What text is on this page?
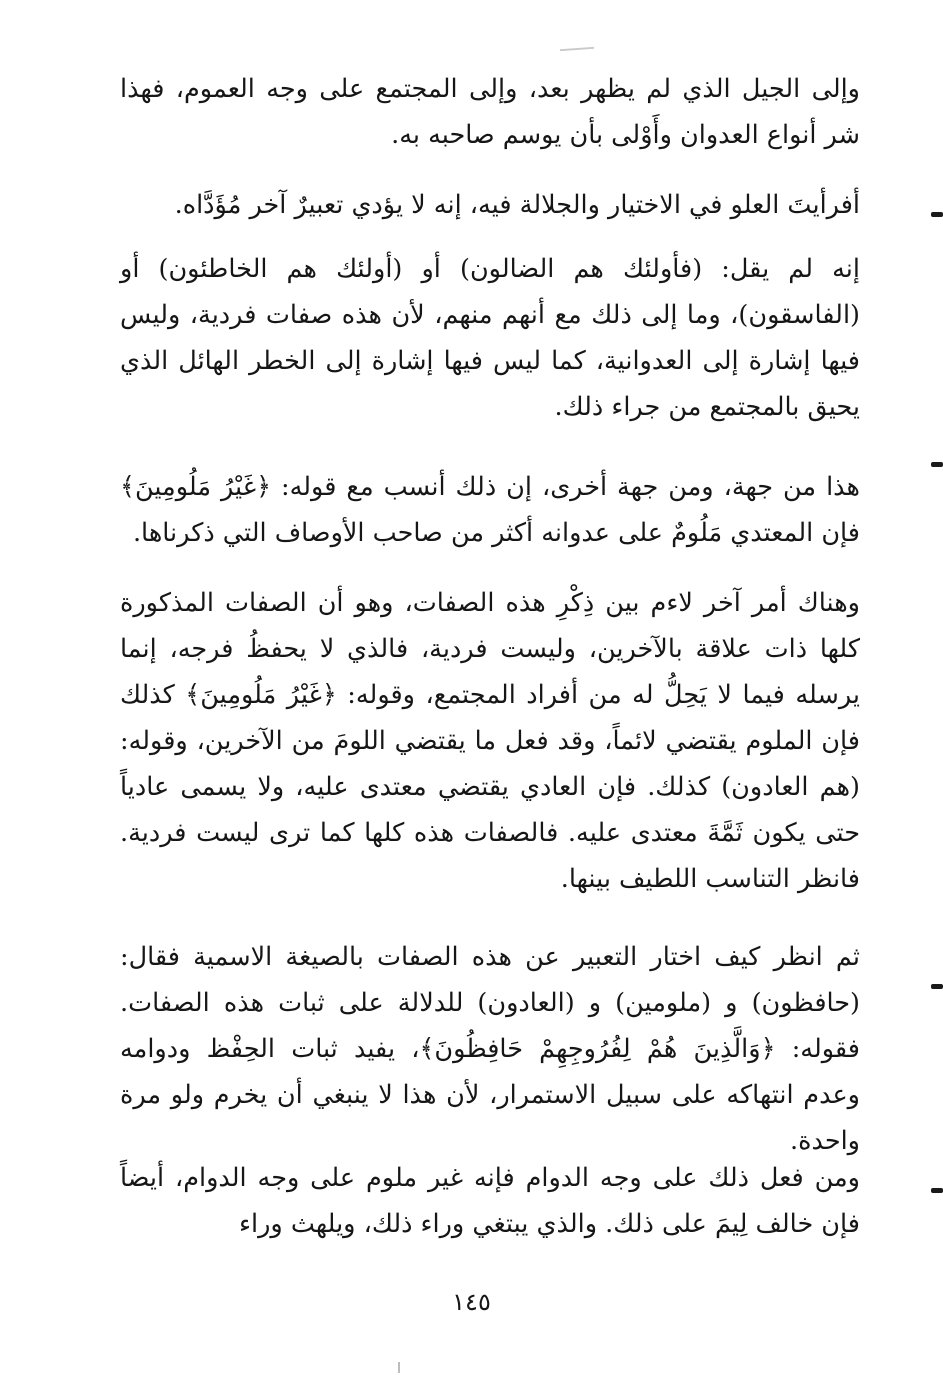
وإلى الجيل الذي لم يظهر بعد، وإلى المجتمع على وجه العموم، فهذا شر أنواع العدوان وأَوْلى بأن يوسم صاحبه به.

أفرأيتَ العلو في الاختيار والجلالة فيه، إنه لا يؤدي تعبيرٌ آخر مُؤَدَّاه.

إنه لم يقل: (فأولئك هم الضالون) أو (أولئك هم الخاطئون) أو (الفاسقون)، وما إلى ذلك مع أنهم منهم، لأن هذه صفات فردية، وليس فيها إشارة إلى العدوانية، كما ليس فيها إشارة إلى الخطر الهائل الذي يحيق بالمجتمع من جراء ذلك.

هذا من جهة، ومن جهة أخرى، إن ذلك أنسب مع قوله: ﴿غَيْرُ مَلُومِينَ﴾ فإن المعتدي مَلُومٌ على عدوانه أكثر من صاحب الأوصاف التي ذكرناها.

وهناك أمر آخر لاءم بين ذِكْرِ هذه الصفات، وهو أن الصفات المذكورة كلها ذات علاقة بالآخرين، وليست فردية، فالذي لا يحفظُ فرجه، إنما يرسله فيما لا يَحِلُّ له من أفراد المجتمع، وقوله: ﴿غَيْرُ مَلُومِينَ﴾ كذلك فإن الملوم يقتضي لائماً، وقد فعل ما يقتضي اللومَ من الآخرين، وقوله: (هم العادون) كذلك. فإن العادي يقتضي معتدى عليه، ولا يسمى عادياً حتى يكون ثَمَّةَ معتدى عليه. فالصفات هذه كلها كما ترى ليست فردية. فانظر التناسب اللطيف بينها.

ثم انظر كيف اختار التعبير عن هذه الصفات بالصيغة الاسمية فقال: (حافظون) و (ملومين) و (العادون) للدلالة على ثبات هذه الصفات. فقوله: ﴿وَالَّذِينَ هُمْ لِفُرُوجِهِمْ حَافِظُونَ﴾، يفيد ثبات الحِفْظ ودوامه وعدم انتهاكه على سبيل الاستمرار، لأن هذا لا ينبغي أن يخرم ولو مرة واحدة.

ومن فعل ذلك على وجه الدوام فإنه غير ملوم على وجه الدوام، أيضاً فإن خالف لِيمَ على ذلك. والذي يبتغي وراء ذلك، ويلهث وراء

١٤٥
